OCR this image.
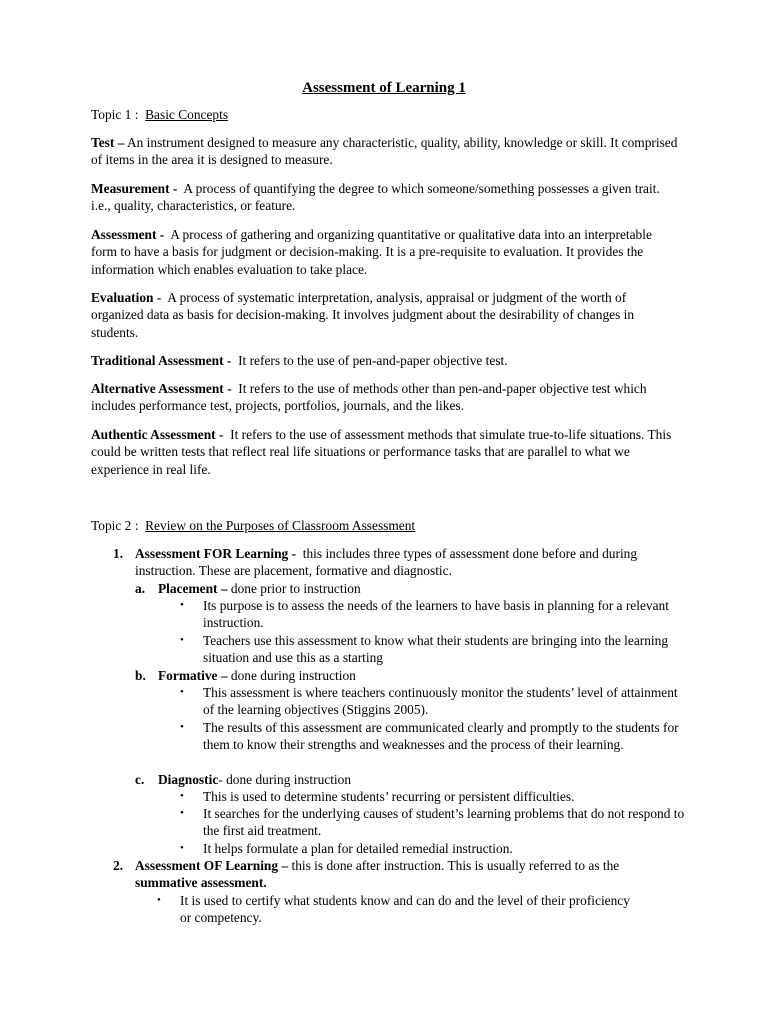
Assessment of Learning 1
Topic 1 : Basic Concepts
Test – An instrument designed to measure any characteristic, quality, ability, knowledge or skill. It comprised of items in the area it is designed to measure.
Measurement - A process of quantifying the degree to which someone/something possesses a given trait. i.e., quality, characteristics, or feature.
Assessment - A process of gathering and organizing quantitative or qualitative data into an interpretable form to have a basis for judgment or decision-making. It is a pre-requisite to evaluation. It provides the information which enables evaluation to take place.
Evaluation - A process of systematic interpretation, analysis, appraisal or judgment of the worth of organized data as basis for decision-making. It involves judgment about the desirability of changes in students.
Traditional Assessment - It refers to the use of pen-and-paper objective test.
Alternative Assessment - It refers to the use of methods other than pen-and-paper objective test which includes performance test, projects, portfolios, journals, and the likes.
Authentic Assessment - It refers to the use of assessment methods that simulate true-to-life situations. This could be written tests that reflect real life situations or performance tasks that are parallel to what we experience in real life.
Topic 2 : Review on the Purposes of Classroom Assessment
1. Assessment FOR Learning - this includes three types of assessment done before and during instruction. These are placement, formative and diagnostic.
a. Placement – done prior to instruction
•	Its purpose is to assess the needs of the learners to have basis in planning for a relevant instruction.
•	Teachers use this assessment to know what their students are bringing into the learning situation and use this as a starting
b. Formative – done during instruction
•	This assessment is where teachers continuously monitor the students’ level of attainment of the learning objectives (Stiggins 2005).
•	The results of this assessment are communicated clearly and promptly to the students for them to know their strengths and weaknesses and the process of their learning.
c.	Diagnostic- done during instruction
•	This is used to determine students’ recurring or persistent difficulties.
•	It searches for the underlying causes of student’s learning problems that do not respond to the first aid treatment.
•	It helps formulate a plan for detailed remedial instruction.
2. Assessment OF Learning – this is done after instruction. This is usually referred to as the summative assessment.
•	It is used to certify what students know and can do and the level of their proficiency or competency.
